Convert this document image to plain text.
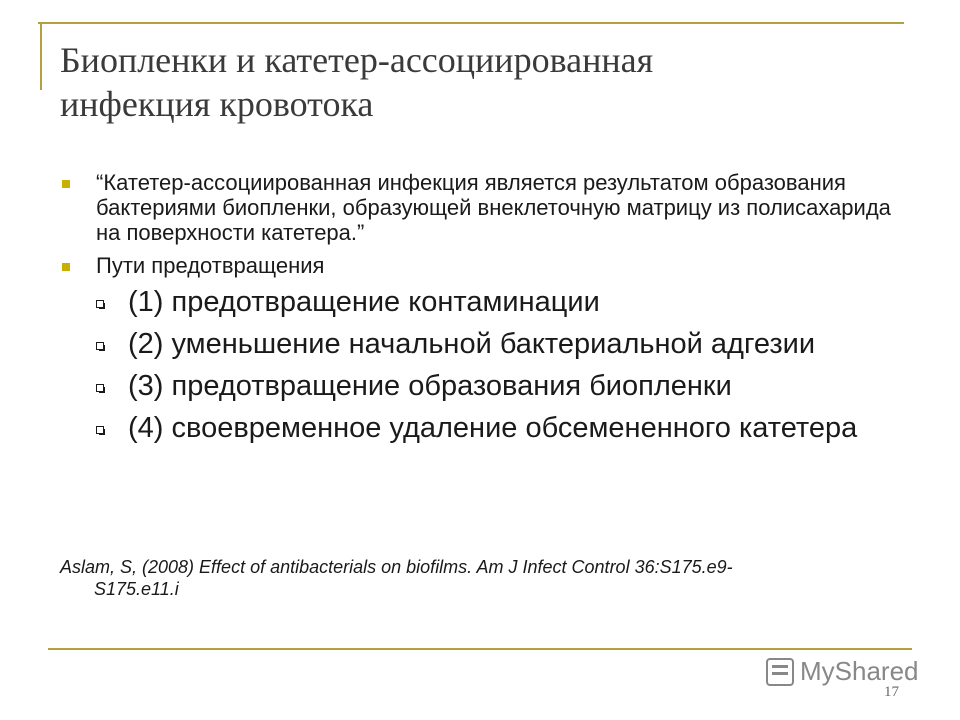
Биопленки и катетер-ассоциированная
инфекция кровотока
“Катетер-ассоциированная инфекция является результатом образования бактериями биопленки, образующей внеклеточную матрицу из полисахарида на поверхности катетера.”
Пути предотвращения
(1) предотвращение контаминации
(2) уменьшение начальной бактериальной адгезии
(3) предотвращение образования биопленки
(4) своевременное удаление обсемененного катетера
Aslam, S, (2008) Effect of antibacterials on biofilms. Am J Infect Control 36:S175.e9-
S175.e11.i
MyShared
17
